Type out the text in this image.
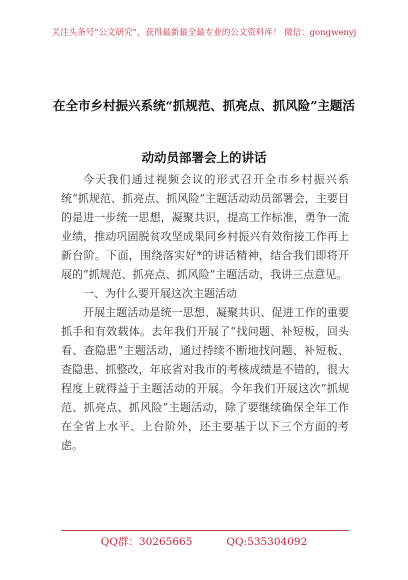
关注头条号“公文研究”，获得最新最全最专业的公文资料库！ 微信：gongwenyj
在全市乡村振兴系统“抓规范、抓亮点、抓风险”主题活
动动员部署会上的讲话

今天我们通过视频会议的形式召开全市乡村振兴系统“抓规范、抓亮点、抓风险”主题活动动员部署会，主要目的是进一步统一思想，凝聚共识，提高工作标准，勇争一流业绩，推动巩固脱贫攻坚成果同乡村振兴有效衔接工作再上新台阶。下面，围绕落实好*的讲话精神，结合我们即将开展的“抓规范、抓亮点、抓风险”主题活动，我讲三点意见。

一、为什么要开展这次主题活动

开展主题活动是统一思想、凝聚共识、促进工作的重要抓手和有效载体。去年我们开展了“找问题、补短板，回头看、查隐患”主题活动，通过持续不断地找问题、补短板、查隐患、抓整改，年底省对我市的考核成绩是不错的，很大程度上就得益于主题活动的开展。今年我们开展这次“抓规范、抓亮点、抓风险”主题活动，除了要继续确保全年工作在全省上水平、上台阶外，还主要基于以下三个方面的考虑。

QQ群：30265665	QQ:535304092
